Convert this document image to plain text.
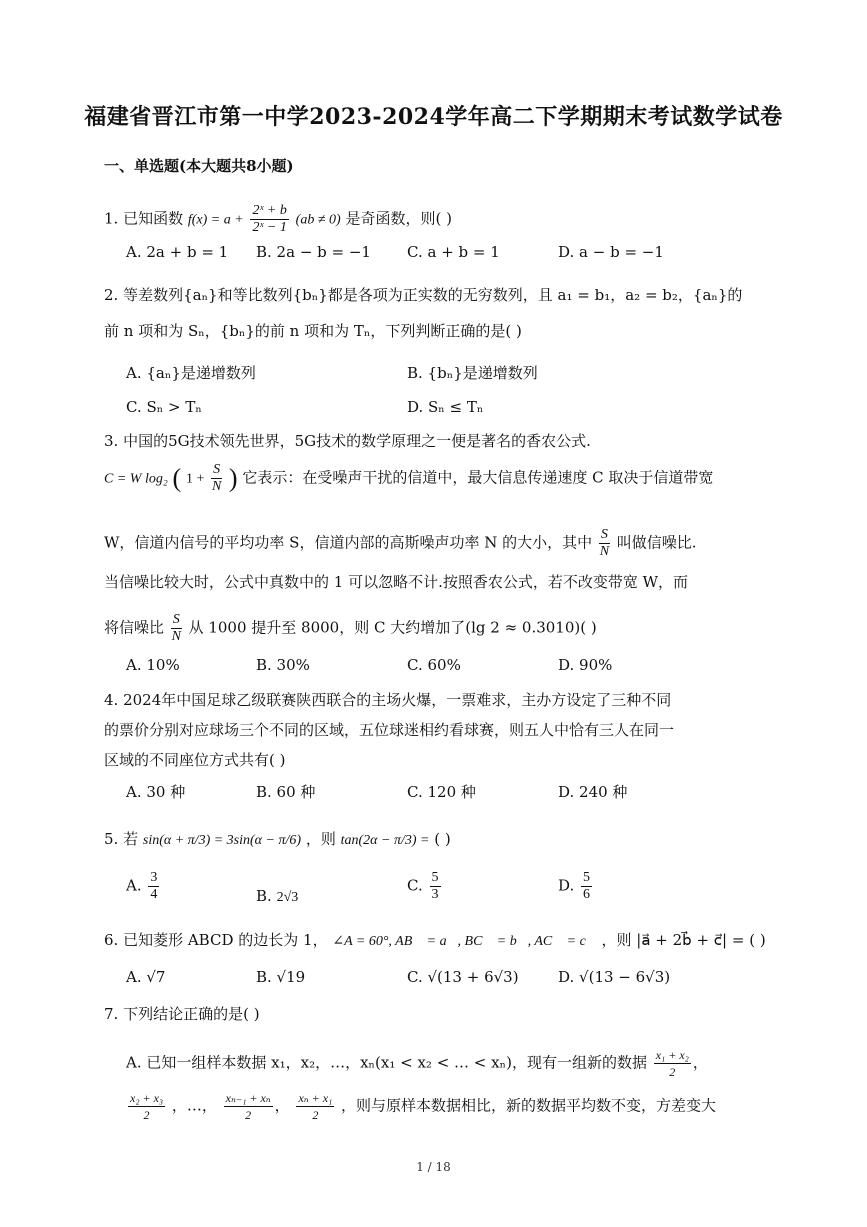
福建省晋江市第一中学2023-2024学年高二下学期期末考试数学试卷
一、单选题(本大题共8小题)
1. 已知函数 $f(x) = a + \frac{\text{2ˣ + b}}{\text{2ˣ − 1}} (ab \ne 0)$ 是奇函数，则( )
A. 2a + b = 1 B. 2a − b = −1 C. a + b = 1	D. a − b = −1
2. 等差数列{aₙ}和等比数列{bₙ}都是各项为正实数的无穷数列，且 a₁ = b₁，a₂ = b₂，{aₙ}的
前 n 项和为 Sₙ，{bₙ}的前 n 项和为 Tₙ，下列判断正确的是( )
A. {aₙ}是递增数列	B. {bₙ}是递增数列
C. Sₙ > Tₙ	D. Sₙ ≤ Tₙ
3. 中国的5G技术领先世界，5G技术的数学原理之一便是著名的香农公式.
C = W log₂ ( $1 + \frac{S}{N}$ ) 它表示：在受噪声干扰的信道中，最大信息传递速度 C 取决于信道带宽
W，信道内信号的平均功率 S，信道内部的高斯噪声功率 N 的大小，其中 $\frac{S}{N}$ 叫做信噪比.
当信噪比较大时，公式中真数中的 1 可以忽略不计.按照香农公式，若不改变带宽 W，而
将信噪比 $\frac{S}{N}$ 从 1000 提升至 8000，则 C 大约增加了(lg 2 ≈ 0.3010)( )
A. 10%	B. 30%	C. 60%	D. 90%
4. 2024年中国足球乙级联赛陕西联合的主场火爆，一票难求，主办方设定了三种不同
的票价分别对应球场三个不同的区域，五位球迷相约看球赛，则五人中恰有三人在同一
区域的不同座位方式共有( )
A. 30 种	B. 60 种	C. 120 种	D. 240 种
5. 若 sin(α + π/3) = 3sin(α − π/6) ，则 tan(2α − π/3) = ( )
A. $\frac{3}{4}$	B. 2√3
C. $\frac{5}{3}$	D. $\frac{5}{6}$
6. 已知菱形 ABCD 的边长为 1， ∠A = 60°, AB⃗ = a⃗, BC⃗ = b⃗, AC⃗ = c⃗ ，则 |a⃗ + 2b⃗ + c⃗| = ( )
A. √7	B. √19	C. √(13 + 6√3)	D. √(13 − 6√3)
7. 下列结论正确的是( )
A. 已知一组样本数据 x₁，x₂，…，xₙ(x₁ < x₂ < … < xₙ)，现有一组新的数据 $\frac{\text{x₁ + x₂}}{2}$ ，
$\frac{\text{x₂ + x₃}}{2}$ ，…， $\frac{\text{xₙ₋₁ + xₙ}}{2}$ ， $\frac{\text{xₙ + x₁}}{2}$ ，则与原样本数据相比，新的数据平均数不变，方差变大
1 / 18
